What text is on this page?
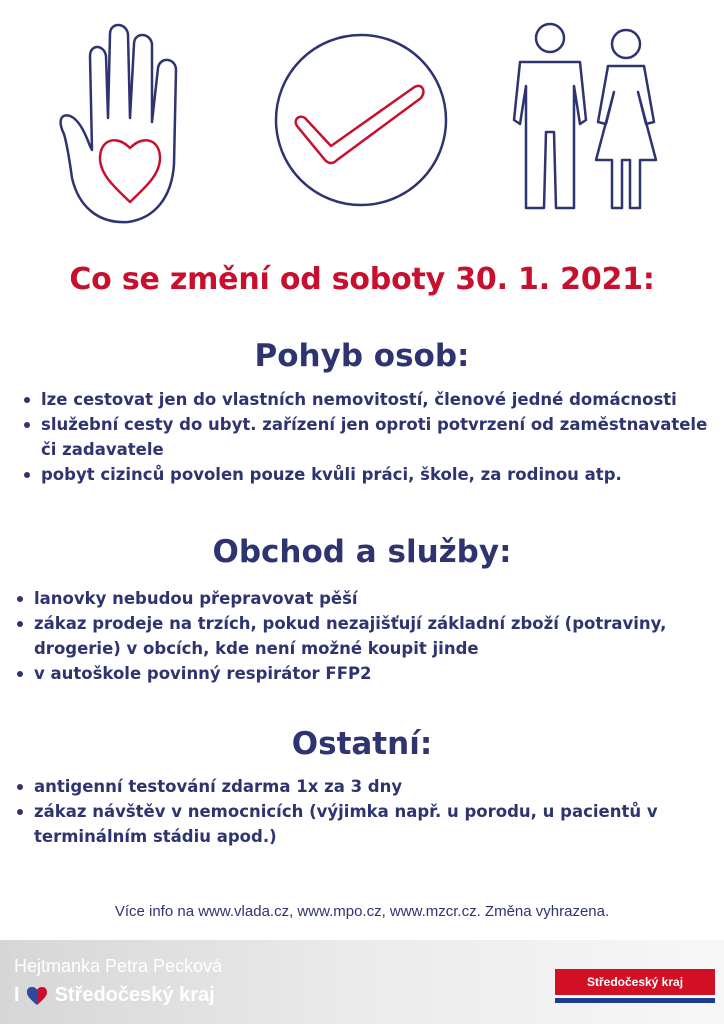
Co se změní od soboty 30. 1. 2021:
Pohyb osob:
lze cestovat jen do vlastních nemovitostí, členové jedné domácnosti
služební cesty do ubyt. zařízení jen oproti potvrzení od zaměstnavatele či zadavatele
pobyt cizinců povolen pouze kvůli práci, škole, za rodinou atp.
Obchod a služby:
lanovky nebudou přepravovat pěší
zákaz prodeje na trzích, pokud nezajišťují základní zboží (potraviny, drogerie) v obcích, kde není možné koupit jinde
v autoškole povinný respirátor FFP2
Ostatní:
antigenní testování zdarma 1x za 3 dny
zákaz návštěv v nemocnicích (výjimka např. u porodu, u pacientů v terminálním stádiu apod.)
Více info na www.vlada.cz, www.mpo.cz, www.mzcr.cz. Změna vyhrazena.
Hejtmanka Petra Pecková
I Středočeský kraj
Středočeský kraj
